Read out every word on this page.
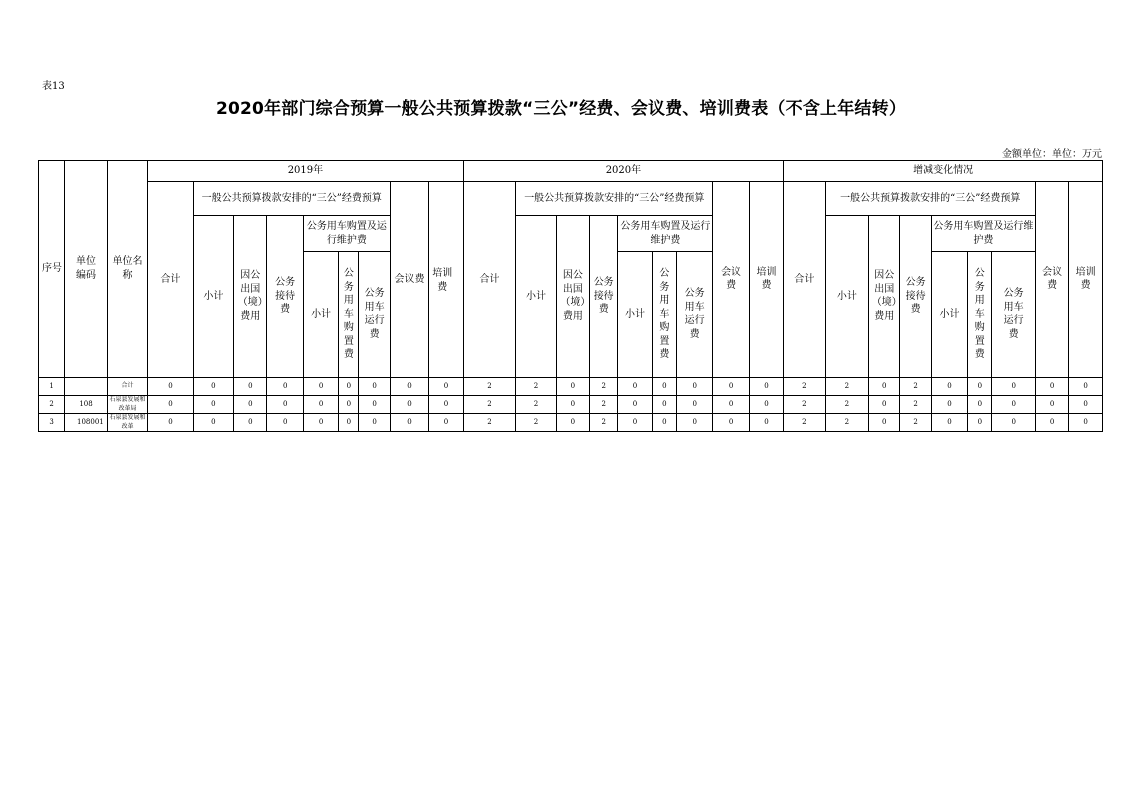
表13
2020年部门综合预算一般公共预算拨款“三公”经费、会议费、培训费表（不含上年结转）
金额单位：单位：万元
序号	单位编码	单位名称	2019年									2020年									增减变化情况								
			合计	一般公共预算拨款安排的“三公”经费预算						会议费	培训费	合计	一般公共预算拨款安排的“三公”经费预算						会议费	培训费	合计	一般公共预算拨款安排的“三公”经费预算						会议费	培训费
				小计	因公出国（境）费用	公务接待费	公务用车购置及运行维护费						小计	因公出国（境）费用	公务接待费	公务用车购置及运行维护费						小计	因公出国（境）费用	公务接待费	公务用车购置及运行维护费				
							小计	公务用车购置费	公务用车运行费							小计	公务用车购置费	公务用车运行费							小计	公务用车购置费	公务用车运行费		

1		合计	0	0	0	0	0	0	0	0	0	2	2	0	2	0	0	0	0	0	2	2	0	2	0	0	0	0	0
2	108	石泉县发展和改革局	0	0	0	0	0	0	0	0	0	2	2	0	2	0	0	0	0	0	2	2	0	2	0	0	0	0	0
3	108001	石泉县发展和改革	0	0	0	0	0	0	0	0	0	2	2	0	2	0	0	0	0	0	2	2	0	2	0	0	0	0	0
